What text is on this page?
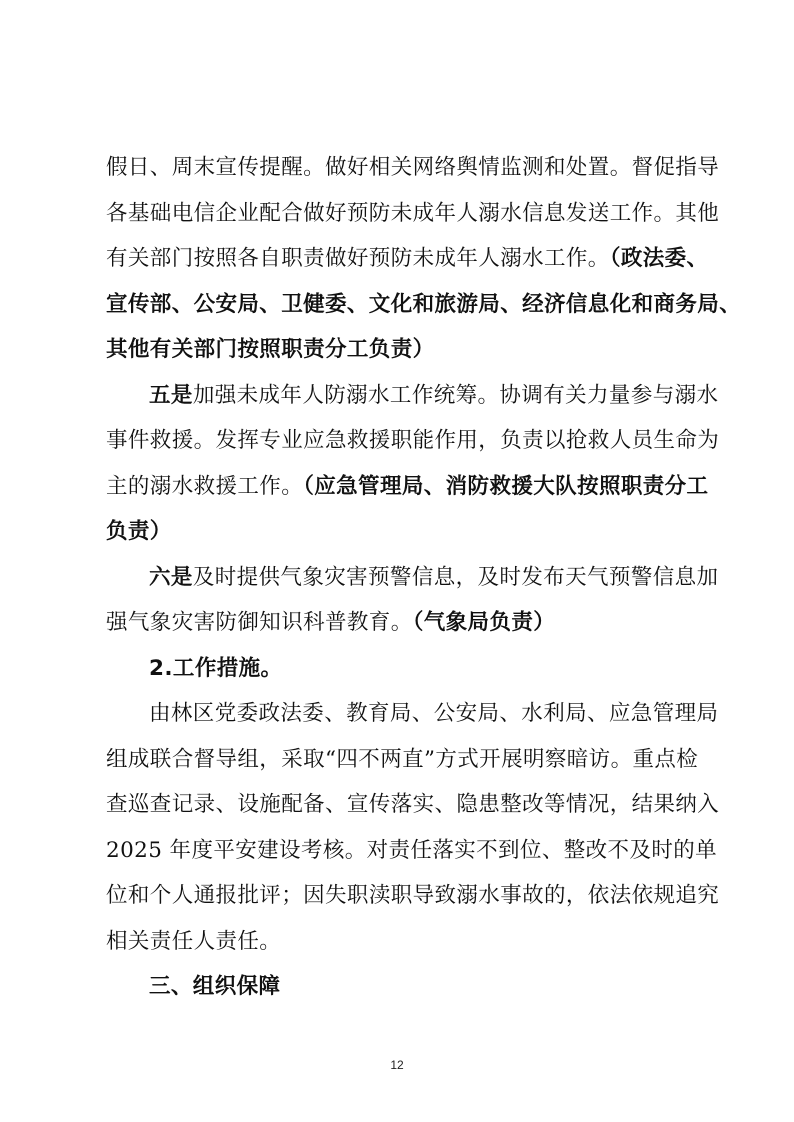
假日、周末宣传提醒。做好相关网络舆情监测和处置。督促指导
各基础电信企业配合做好预防未成年人溺水信息发送工作。其他
有关部门按照各自职责做好预防未成年人溺水工作。（政法委、
宣传部、公安局、卫健委、文化和旅游局、经济信息化和商务局、
其他有关部门按照职责分工负责）
五是加强未成年人防溺水工作统筹。协调有关力量参与溺水
事件救援。发挥专业应急救援职能作用，负责以抢救人员生命为
主的溺水救援工作。（应急管理局、消防救援大队按照职责分工
负责）
六是及时提供气象灾害预警信息，及时发布天气预警信息加
强气象灾害防御知识科普教育。（气象局负责）
2.工作措施。
由林区党委政法委、教育局、公安局、水利局、应急管理局
组成联合督导组，采取“四不两直”方式开展明察暗访。重点检
查巡查记录、设施配备、宣传落实、隐患整改等情况，结果纳入
2025 年度平安建设考核。对责任落实不到位、整改不及时的单
位和个人通报批评；因失职渎职导致溺水事故的，依法依规追究
相关责任人责任。
三、组织保障
12
